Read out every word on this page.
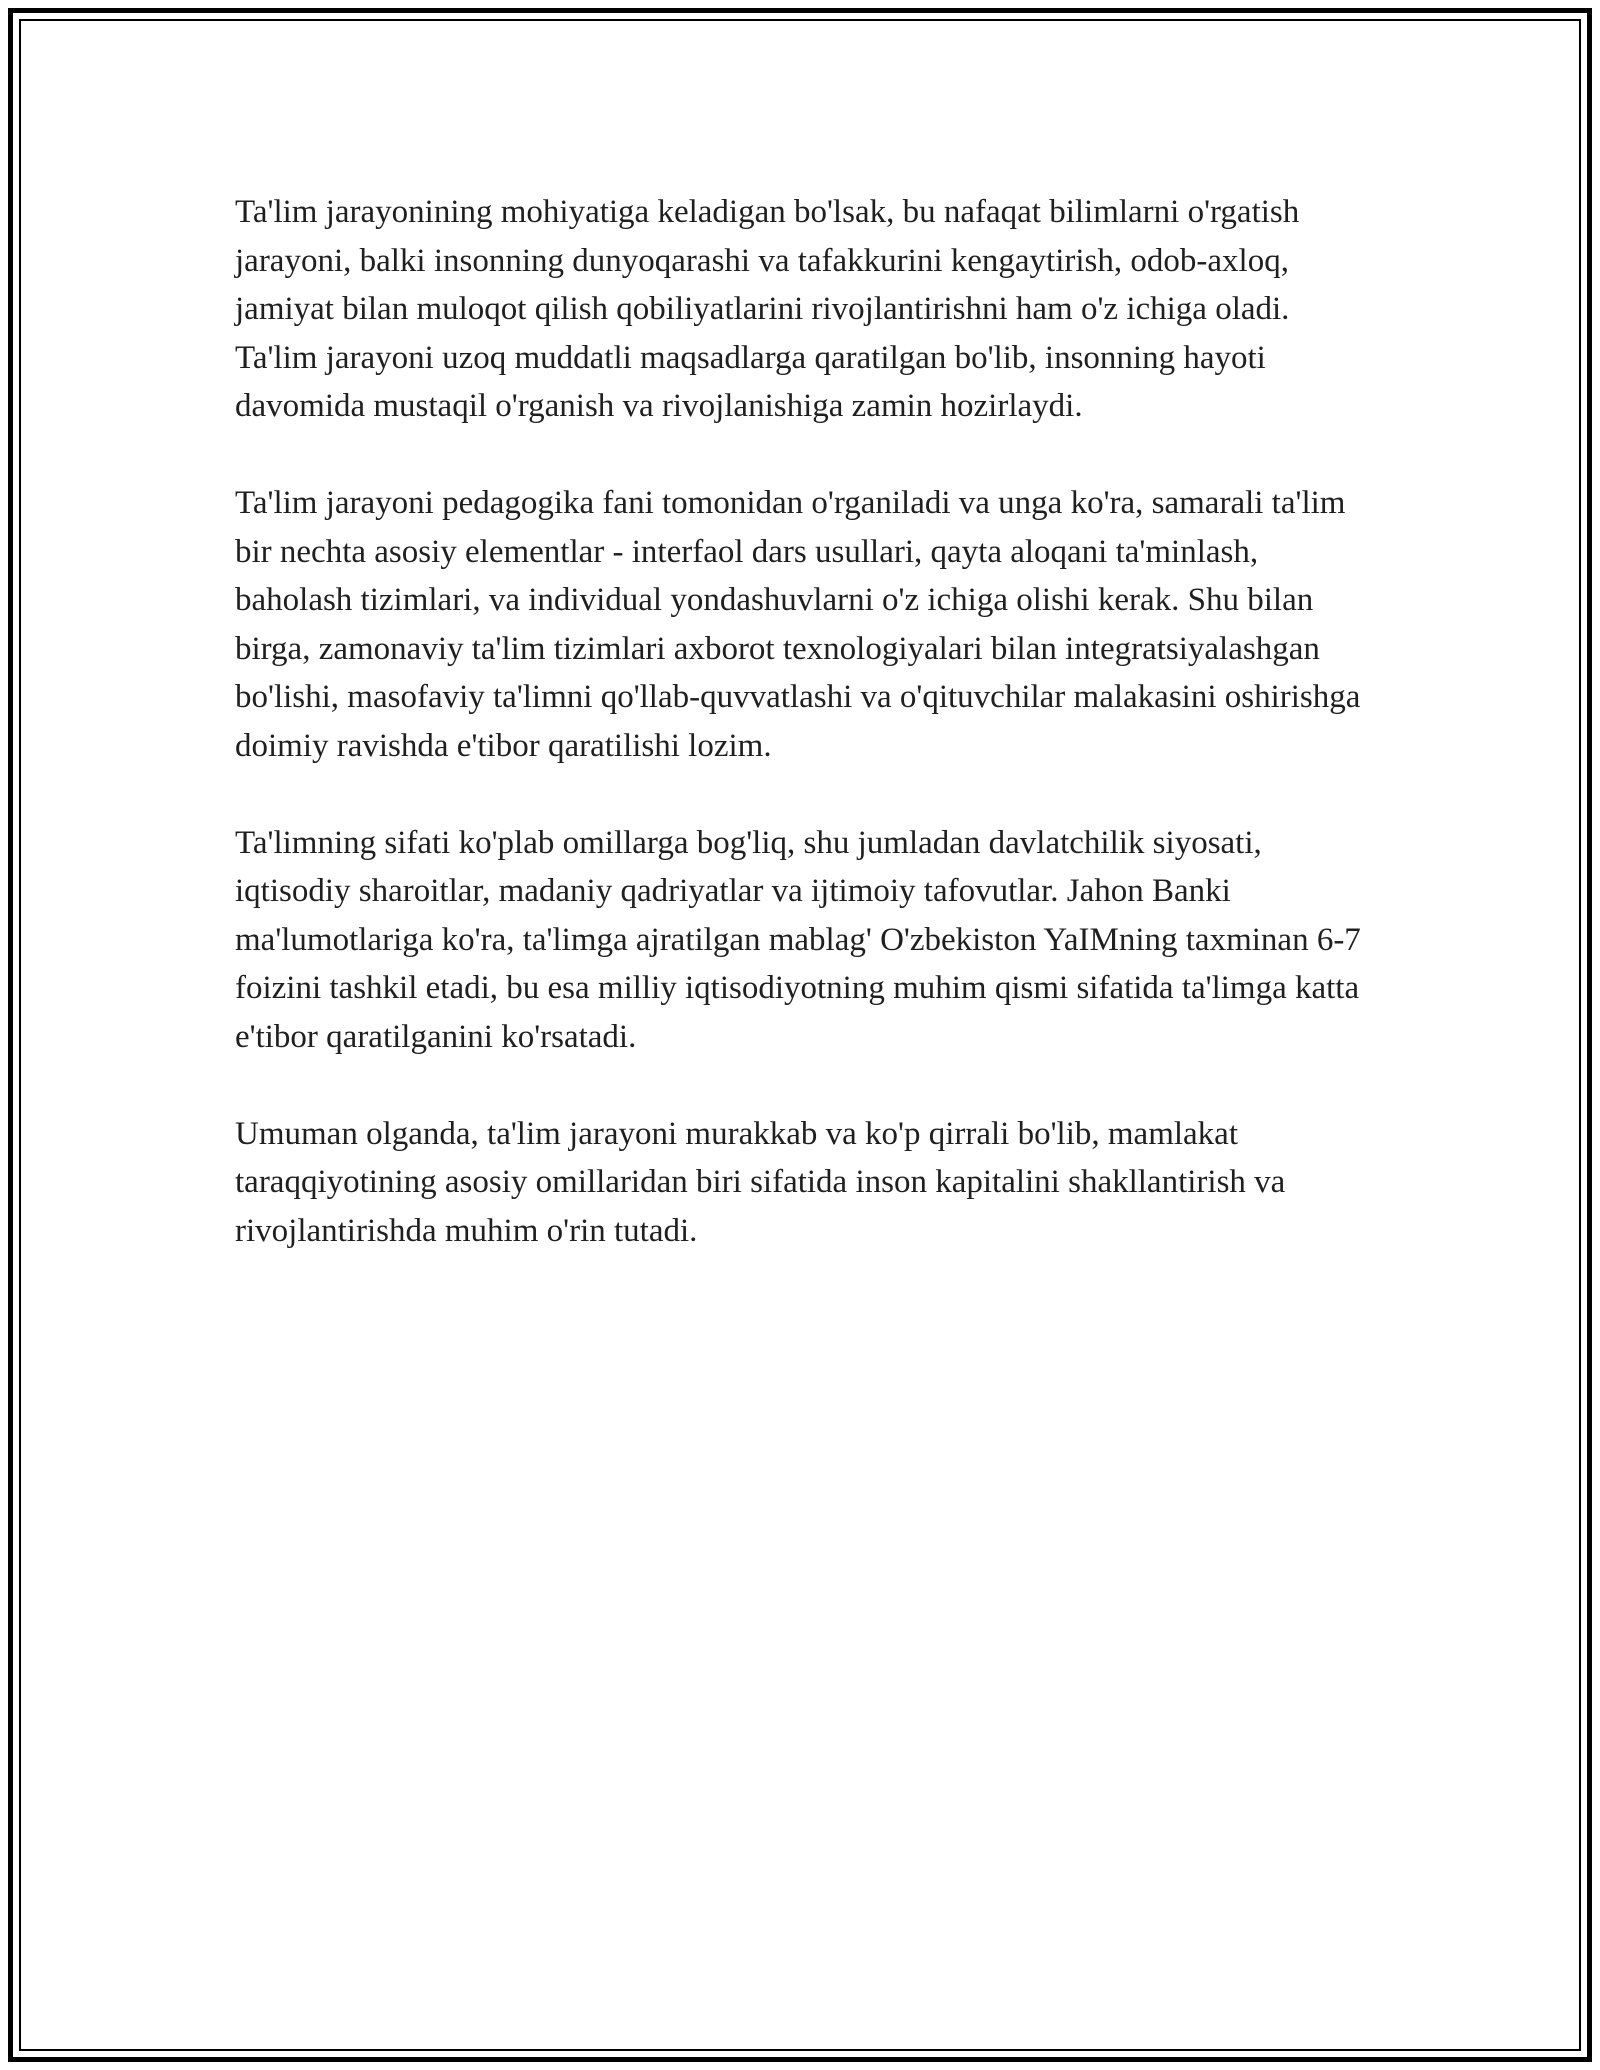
Ta'lim jarayonining mohiyatiga keladigan bo'lsak, bu nafaqat bilimlarni o'rgatish jarayoni, balki insonning dunyoqarashi va tafakkurini kengaytirish, odob-axloq, jamiyat bilan muloqot qilish qobiliyatlarini rivojlantirishni ham o'z ichiga oladi. Ta'lim jarayoni uzoq muddatli maqsadlarga qaratilgan bo'lib, insonning hayoti davomida mustaqil o'rganish va rivojlanishiga zamin hozirlaydi.

Ta'lim jarayoni pedagogika fani tomonidan o'rganiladi va unga ko'ra, samarali ta'lim bir nechta asosiy elementlar - interfaol dars usullari, qayta aloqani ta'minlash, baholash tizimlari, va individual yondashuvlarni o'z ichiga olishi kerak. Shu bilan birga, zamonaviy ta'lim tizimlari axborot texnologiyalari bilan integratsiyalashgan bo'lishi, masofaviy ta'limni qo'llab-quvvatlashi va o'qituvchilar malakasini oshirishga doimiy ravishda e'tibor qaratilishi lozim.

Ta'limning sifati ko'plab omillarga bog'liq, shu jumladan davlatchilik siyosati, iqtisodiy sharoitlar, madaniy qadriyatlar va ijtimoiy tafovutlar. Jahon Banki ma'lumotlariga ko'ra, ta'limga ajratilgan mablag' O'zbekiston YaIMning taxminan 6-7 foizini tashkil etadi, bu esa milliy iqtisodiyotning muhim qismi sifatida ta'limga katta e'tibor qaratilganini ko'rsatadi.

Umuman olganda, ta'lim jarayoni murakkab va ko'p qirrali bo'lib, mamlakat taraqqiyotining asosiy omillaridan biri sifatida inson kapitalini shakllantirish va rivojlantirishda muhim o'rin tutadi.
